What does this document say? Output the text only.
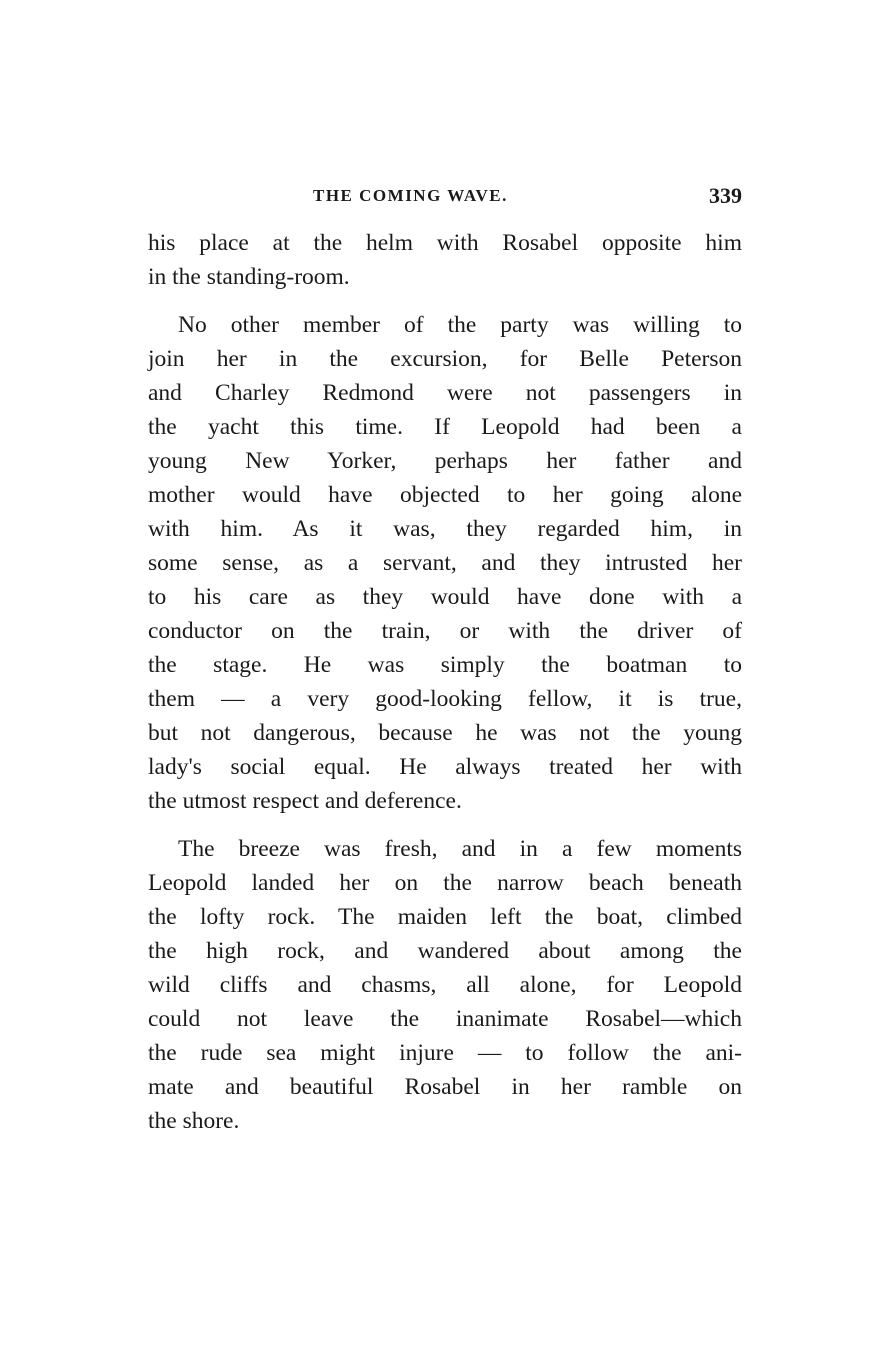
THE COMING WAVE.	339
his place at the helm with Rosabel opposite him
in the standing-room.
No other member of the party was willing to
join her in the excursion, for Belle Peterson
and Charley Redmond were not passengers in
the yacht this time. If Leopold had been a
young New Yorker, perhaps her father and
mother would have objected to her going alone
with him. As it was, they regarded him, in
some sense, as a servant, and they intrusted her
to his care as they would have done with a
conductor on the train, or with the driver of
the stage. He was simply the boatman to
them — a very good-looking fellow, it is true,
but not dangerous, because he was not the young
lady's social equal. He always treated her with
the utmost respect and deference.
The breeze was fresh, and in a few moments
Leopold landed her on the narrow beach beneath
the lofty rock. The maiden left the boat, climbed
the high rock, and wandered about among the
wild cliffs and chasms, all alone, for Leopold
could not leave the inanimate Rosabel—which
the rude sea might injure — to follow the ani-
mate and beautiful Rosabel in her ramble on
the shore.
